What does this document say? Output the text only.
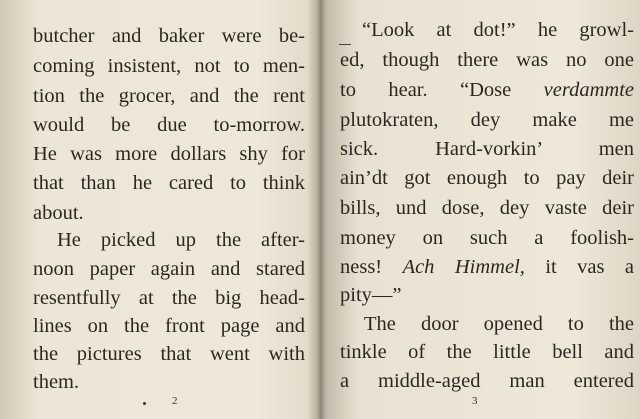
butcher and baker were be-
coming insistent, not to men-
tion the grocer, and the rent
would be due to-morrow.
He was more dollars shy for
that than he cared to think
about.
He picked up the after-
noon paper again and stared
resentfully at the big head-
lines on the front page and
the pictures that went with
them.
2
“Look at dot!” he growl-
ed, though there was no one
to hear. “Dose verdammte
plutokraten, dey make me
sick. Hard-vorkin’ men
ain’dt got enough to pay deir
bills, und dose, dey vaste deir
money on such a foolish-
ness! Ach Himmel, it vas a
pity—”
The door opened to the
tinkle of the little bell and
a middle-aged man entered
3
